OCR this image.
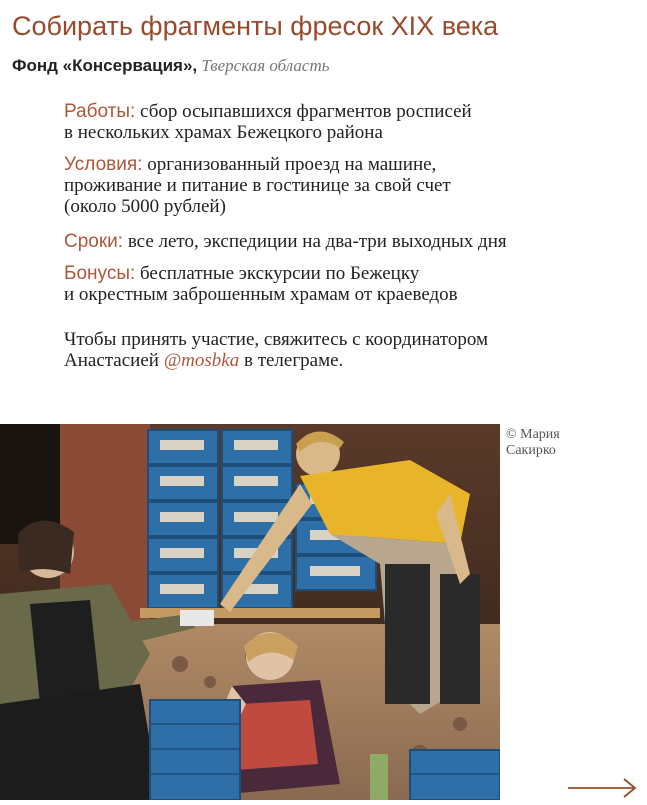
Собирать фрагменты фресок XIX века
Фонд «Консервация», Тверская область

Работы: сбор осыпавшихся фрагментов росписей

в нескольких храмах Бежецкого района

Условия: организованный проезд на машине,

проживание и питание в гостинице за свой счет

(около 5000 рублей)

Сроки: все лето, экспедиции на два-три выходных дня

Бонусы: бесплатные экскурсии по Бежецку

и окрестным заброшенным храмам от краеведов

Чтобы принять участие, свяжитесь с координатором

Анастасией @mosbka в телеграме.

© Мария
Сакирко
